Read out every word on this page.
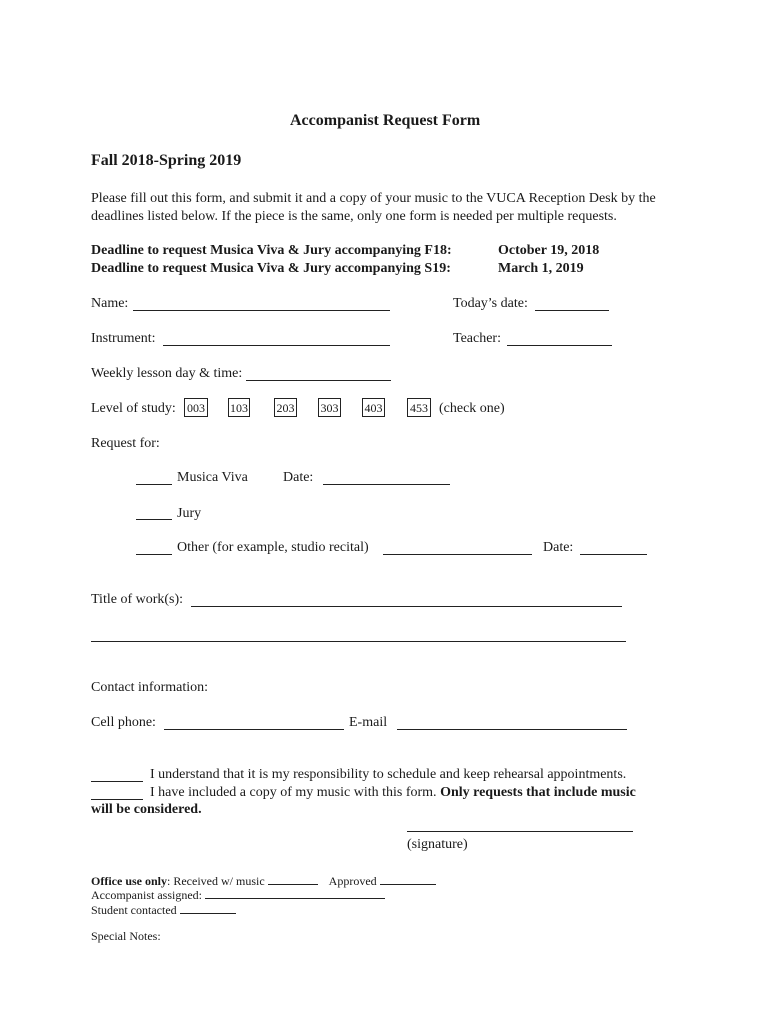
Accompanist Request Form
Fall 2018-Spring 2019
Please fill out this form, and submit it and a copy of your music to the VUCA Reception Desk by the
deadlines listed below. If the piece is the same, only one form is needed per multiple requests.
Deadline to request Musica Viva & Jury accompanying F18:	October 19, 2018
Deadline to request Musica Viva & Jury accompanying S19:	March 1, 2019
Name:	Today’s date:
Instrument:	Teacher:
Weekly lesson day & time:
Level of study: 003 103 203 303 403 453 (check one)
Request for:
Musica Viva	Date:
Jury
Other (for example, studio recital)	Date:
Title of work(s):
Contact information:
Cell phone:	E-mail
I understand that it is my responsibility to schedule and keep rehearsal appointments.
I have included a copy of my music with this form. Only requests that include music
will be considered.
(signature)
Office use only: Received w/ music	Approved
Accompanist assigned:
Student contacted
Special Notes:
